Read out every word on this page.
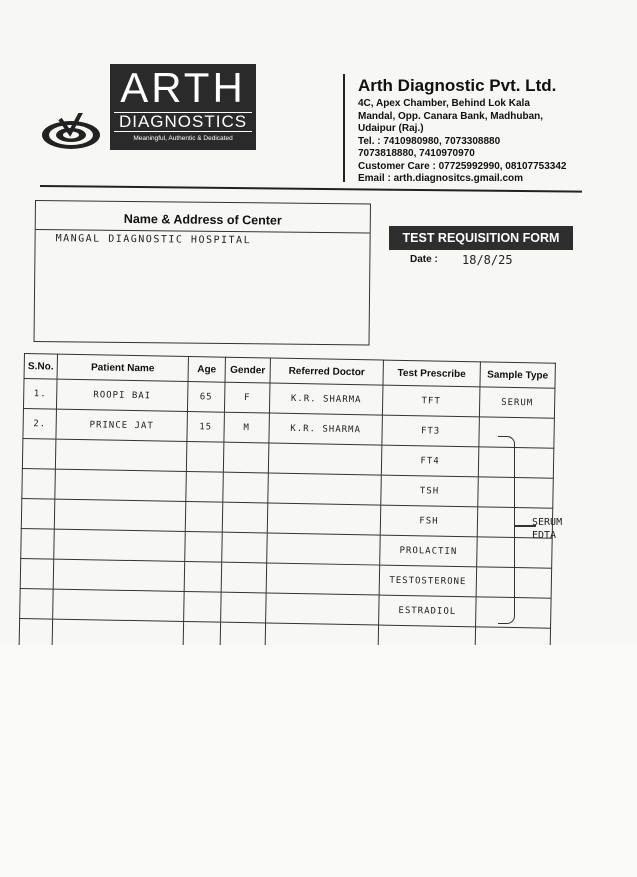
ARTH
DIAGNOSTICS
Meaningful, Authentic & Dedicated
Arth Diagnostic Pvt. Ltd.
4C, Apex Chamber, Behind Lok Kala
Mandal, Opp. Canara Bank, Madhuban,
Udaipur (Raj.)
Tel. : 7410980980, 7073308880
7073818880, 7410970970
Customer Care : 07725992990, 08107753342
Email : arth.diagnositcs.gmail.com
Name & Address of Center
MANGAL DIAGNOSTIC HOSPITAL	TEST REQUISITION FORM
Date : 18/8/25
S.No.	Patient Name	Age	Gender	Referred Doctor	Test Prescribe	Sample Type
1.	ROOPI BAI	65	F	K.R. SHARMA	TFT	SERUM
2.	PRINCE JAT	15	M	K.R. SHARMA	FT3	
					FT4	
					TSH	
					FSH	
					PROLACTIN	
					TESTOSTERONE	
					ESTRADIOL	

SERUM
EDTA
